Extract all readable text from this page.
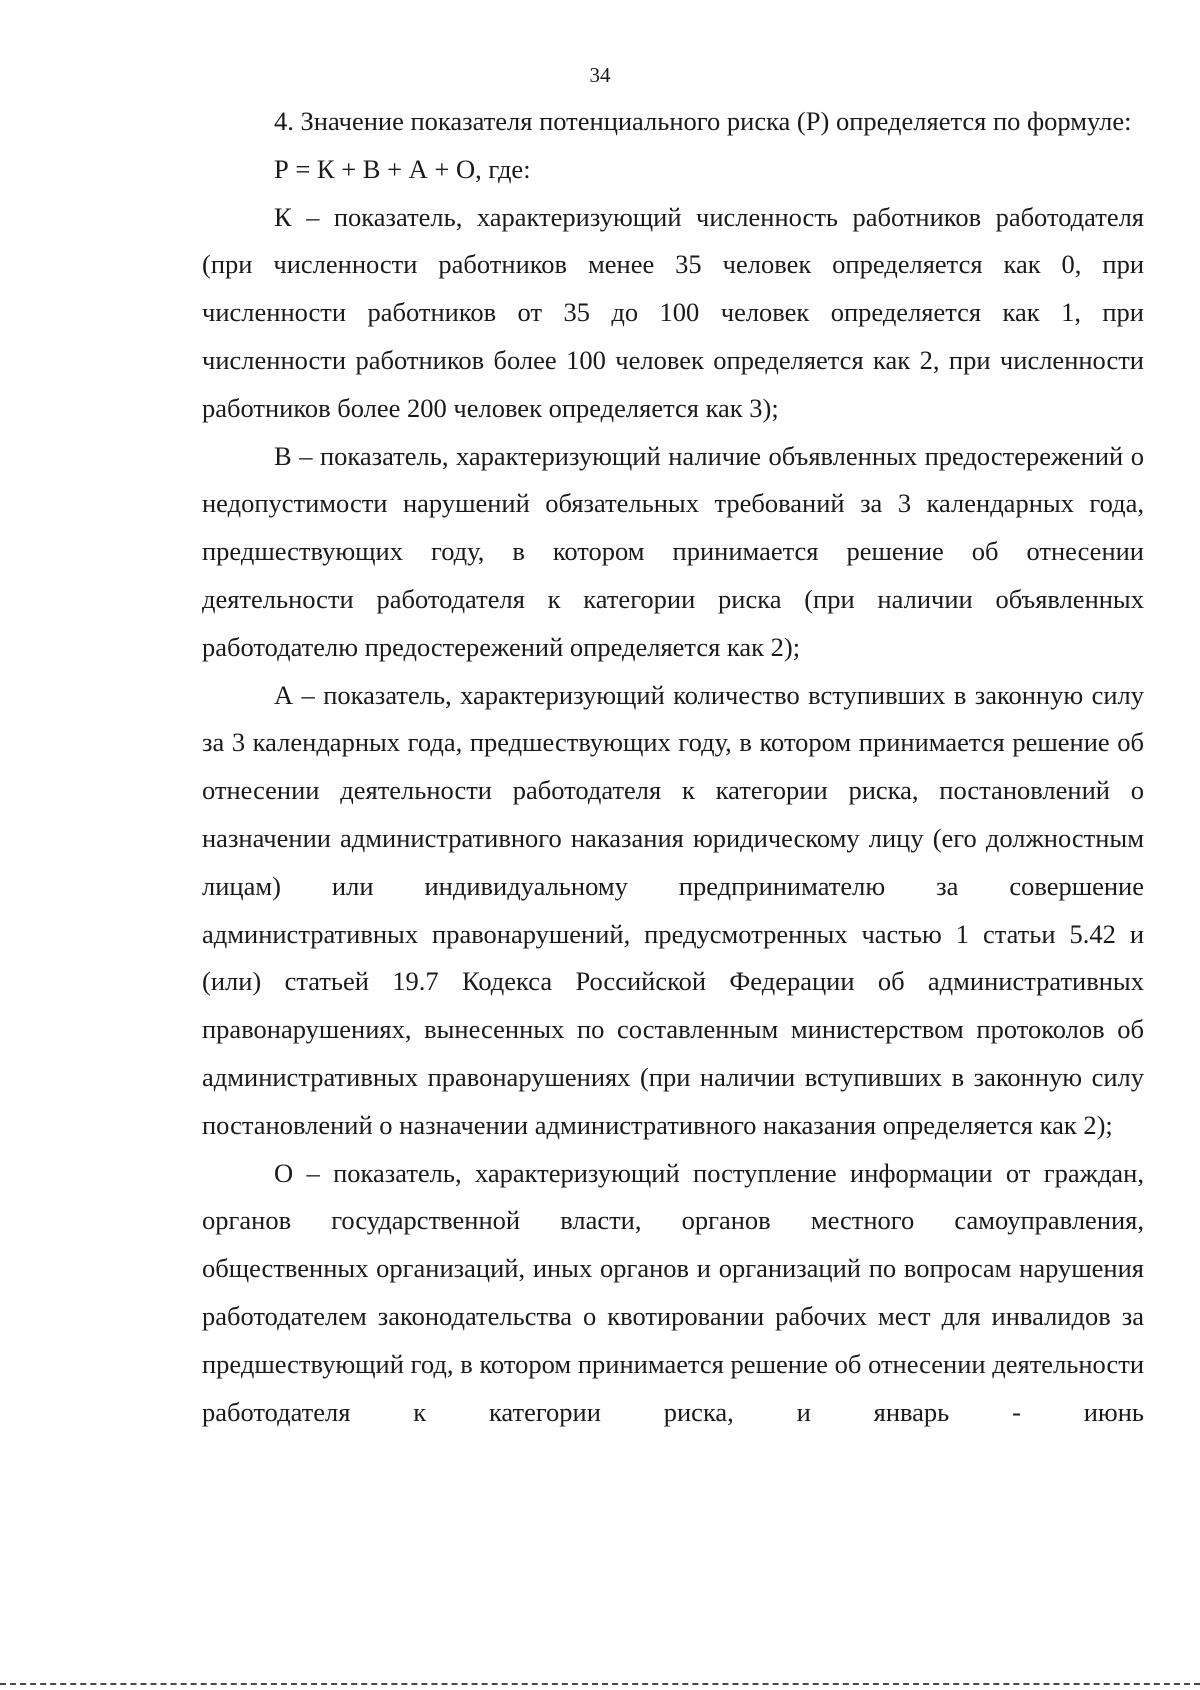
34

4. Значение показателя потенциального риска (Р) определяется по формуле:

Р = К + В + А + О, где:

К – показатель, характеризующий численность работников работодателя (при численности работников менее 35 человек определяется как 0, при численности работников от 35 до 100 человек определяется как 1, при численности работников более 100 человек определяется как 2, при численности работников более 200 человек определяется как 3);

В – показатель, характеризующий наличие объявленных предостережений о недопустимости нарушений обязательных требований за 3 календарных года, предшествующих году, в котором принимается решение об отнесении деятельности работодателя к категории риска (при наличии объявленных работодателю предостережений определяется как 2);

А – показатель, характеризующий количество вступивших в законную силу за 3 календарных года, предшествующих году, в котором принимается решение об отнесении деятельности работодателя к категории риска, постановлений о назначении административного наказания юридическому лицу (его должностным лицам) или индивидуальному предпринимателю за совершение административных правонарушений, предусмотренных частью 1 статьи 5.42 и (или) статьей 19.7 Кодекса Российской Федерации об административных правонарушениях, вынесенных по составленным министерством протоколов об административных правонарушениях (при наличии вступивших в законную силу постановлений о назначении административного наказания определяется как 2);

О – показатель, характеризующий поступление информации от граждан, органов государственной власти, органов местного самоуправления, общественных организаций, иных органов и организаций по вопросам нарушения работодателем законодательства о квотировании рабочих мест для инвалидов за предшествующий год, в котором принимается решение об отнесении деятельности работодателя к категории риска, и январь - июнь
